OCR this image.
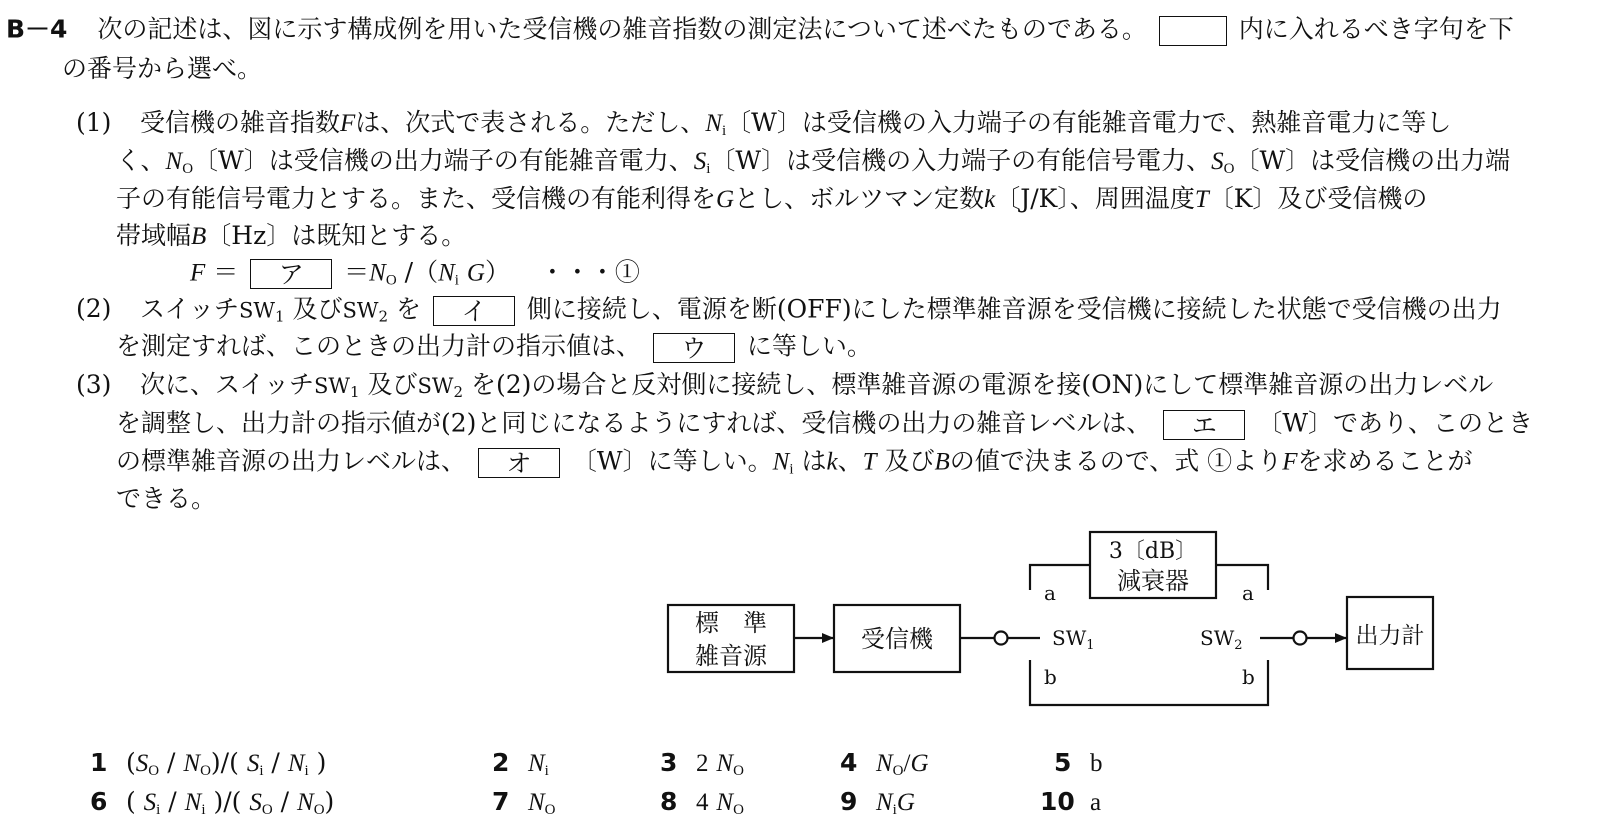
B－4 次の記述は、図に示す構成例を用いた受信機の雑音指数の測定法について述べたものである。	内に入れるべき字句を下
の番号から選べ。
(1) 受信機の雑音指数Fは、次式で表される。ただし、$N_i$〔W〕は受信機の入力端子の有能雑音電力で、熱雑音電力に等し
く、$N_O$〔W〕は受信機の出力端子の有能雑音電力、$S_i$〔W〕は受信機の入力端子の有能信号電力、$S_O$〔W〕は受信機の出力端
子の有能信号電力とする。また、受信機の有能利得をGとし、ボルツマン定数k〔J/K〕、周囲温度T〔K〕及び受信機の
帯域幅B〔Hz〕は既知とする。
F ＝ ア $=N_O$ $/(N_i$ G） ・・・①
(2) スイッチ$SW_1$ 及び$SW_2$ を イ 側に接続し、電源を断(OFF)にした標準雑音源を受信機に接続した状態で受信機の出力
を測定すれば、このときの出力計の指示値は、 ウ に等しい。
(3) 次に、スイッチ$SW_1$ 及び$SW_2$ を(2)の場合と反対側に接続し、標準雑音源の電源を接(ON)にして標準雑音源の出力レベル
を調整し、出力計の指示値が(2)と同じになるようにすれば、受信機の出力の雑音レベルは、 エ 〔W〕であり、このとき
の標準雑音源の出力レベルは、 オ 〔W〕に等しい。$N_i$ はk、T 及びBの値で決まるので、式 ①よりFを求めることが
できる。
標　準
雑音源
受信機
3〔dB〕
減衰器
出力計
$SW_1$	$SW_2$
a	a
b	b
1 $(S_O / N_O)/$( $S_i / N_i$ )	2 $N_i$	3 2 $N_O$	4 $N_O/G$	5 b
6 ( $S_i / N_i$ )/( $S_O / N_O$)	7 $N_O$	8 4 $N_O$	9 $N_iG$	10 a
